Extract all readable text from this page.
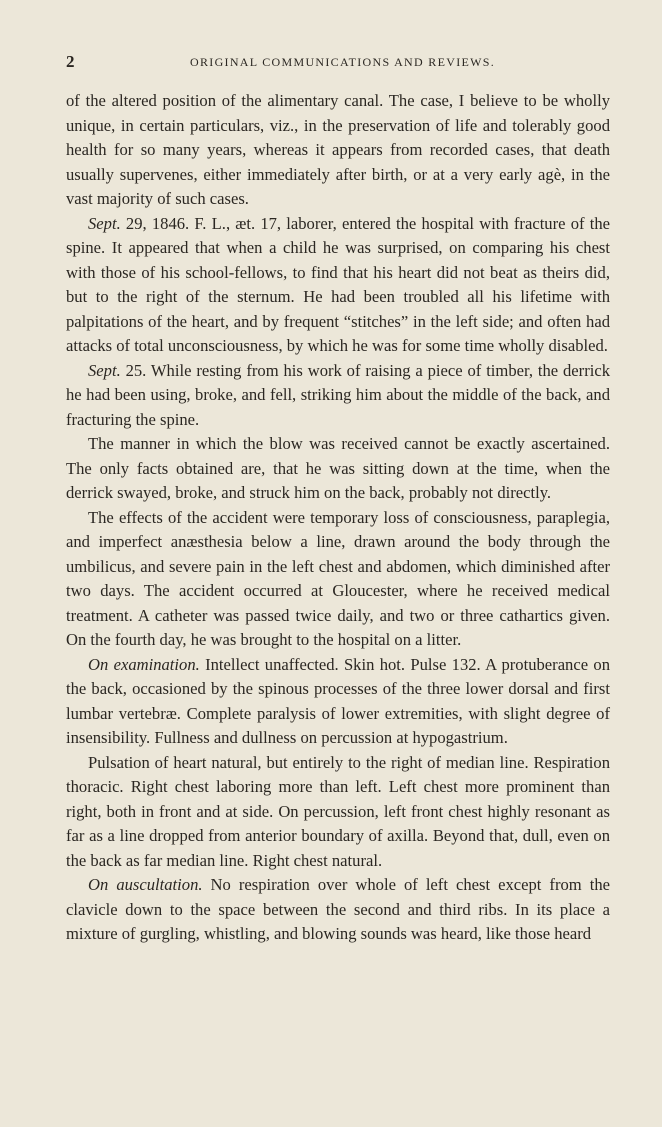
2	ORIGINAL COMMUNICATIONS AND REVIEWS.

of the altered position of the alimentary canal. The case, I believe to be wholly unique, in certain particulars, viz., in the preservation of life and tolerably good health for so many years, whereas it appears from recorded cases, that death usually supervenes, either immediately after birth, or at a very early agè, in the vast majority of such cases.

Sept. 29, 1846. F. L., æt. 17, laborer, entered the hospital with fracture of the spine. It appeared that when a child he was surprised, on comparing his chest with those of his school-fellows, to find that his heart did not beat as theirs did, but to the right of the sternum. He had been troubled all his lifetime with palpitations of the heart, and by frequent “stitches” in the left side; and often had attacks of total unconsciousness, by which he was for some time wholly disabled.

Sept. 25. While resting from his work of raising a piece of timber, the derrick he had been using, broke, and fell, striking him about the middle of the back, and fracturing the spine.

The manner in which the blow was received cannot be exactly ascertained. The only facts obtained are, that he was sitting down at the time, when the derrick swayed, broke, and struck him on the back, probably not directly.

The effects of the accident were temporary loss of consciousness, paraplegia, and imperfect anæsthesia below a line, drawn around the body through the umbilicus, and severe pain in the left chest and abdomen, which diminished after two days. The accident occurred at Gloucester, where he received medical treatment. A catheter was passed twice daily, and two or three cathartics given. On the fourth day, he was brought to the hospital on a litter.

On examination. Intellect unaffected. Skin hot. Pulse 132. A protuberance on the back, occasioned by the spinous processes of the three lower dorsal and first lumbar vertebræ. Complete paralysis of lower extremities, with slight degree of insensibility. Fullness and dullness on percussion at hypogastrium.

Pulsation of heart natural, but entirely to the right of median line. Respiration thoracic. Right chest laboring more than left. Left chest more prominent than right, both in front and at side. On percussion, left front chest highly resonant as far as a line dropped from anterior boundary of axilla. Beyond that, dull, even on the back as far median line. Right chest natural.

On auscultation. No respiration over whole of left chest except from the clavicle down to the space between the second and third ribs. In its place a mixture of gurgling, whistling, and blowing sounds was heard, like those heard
